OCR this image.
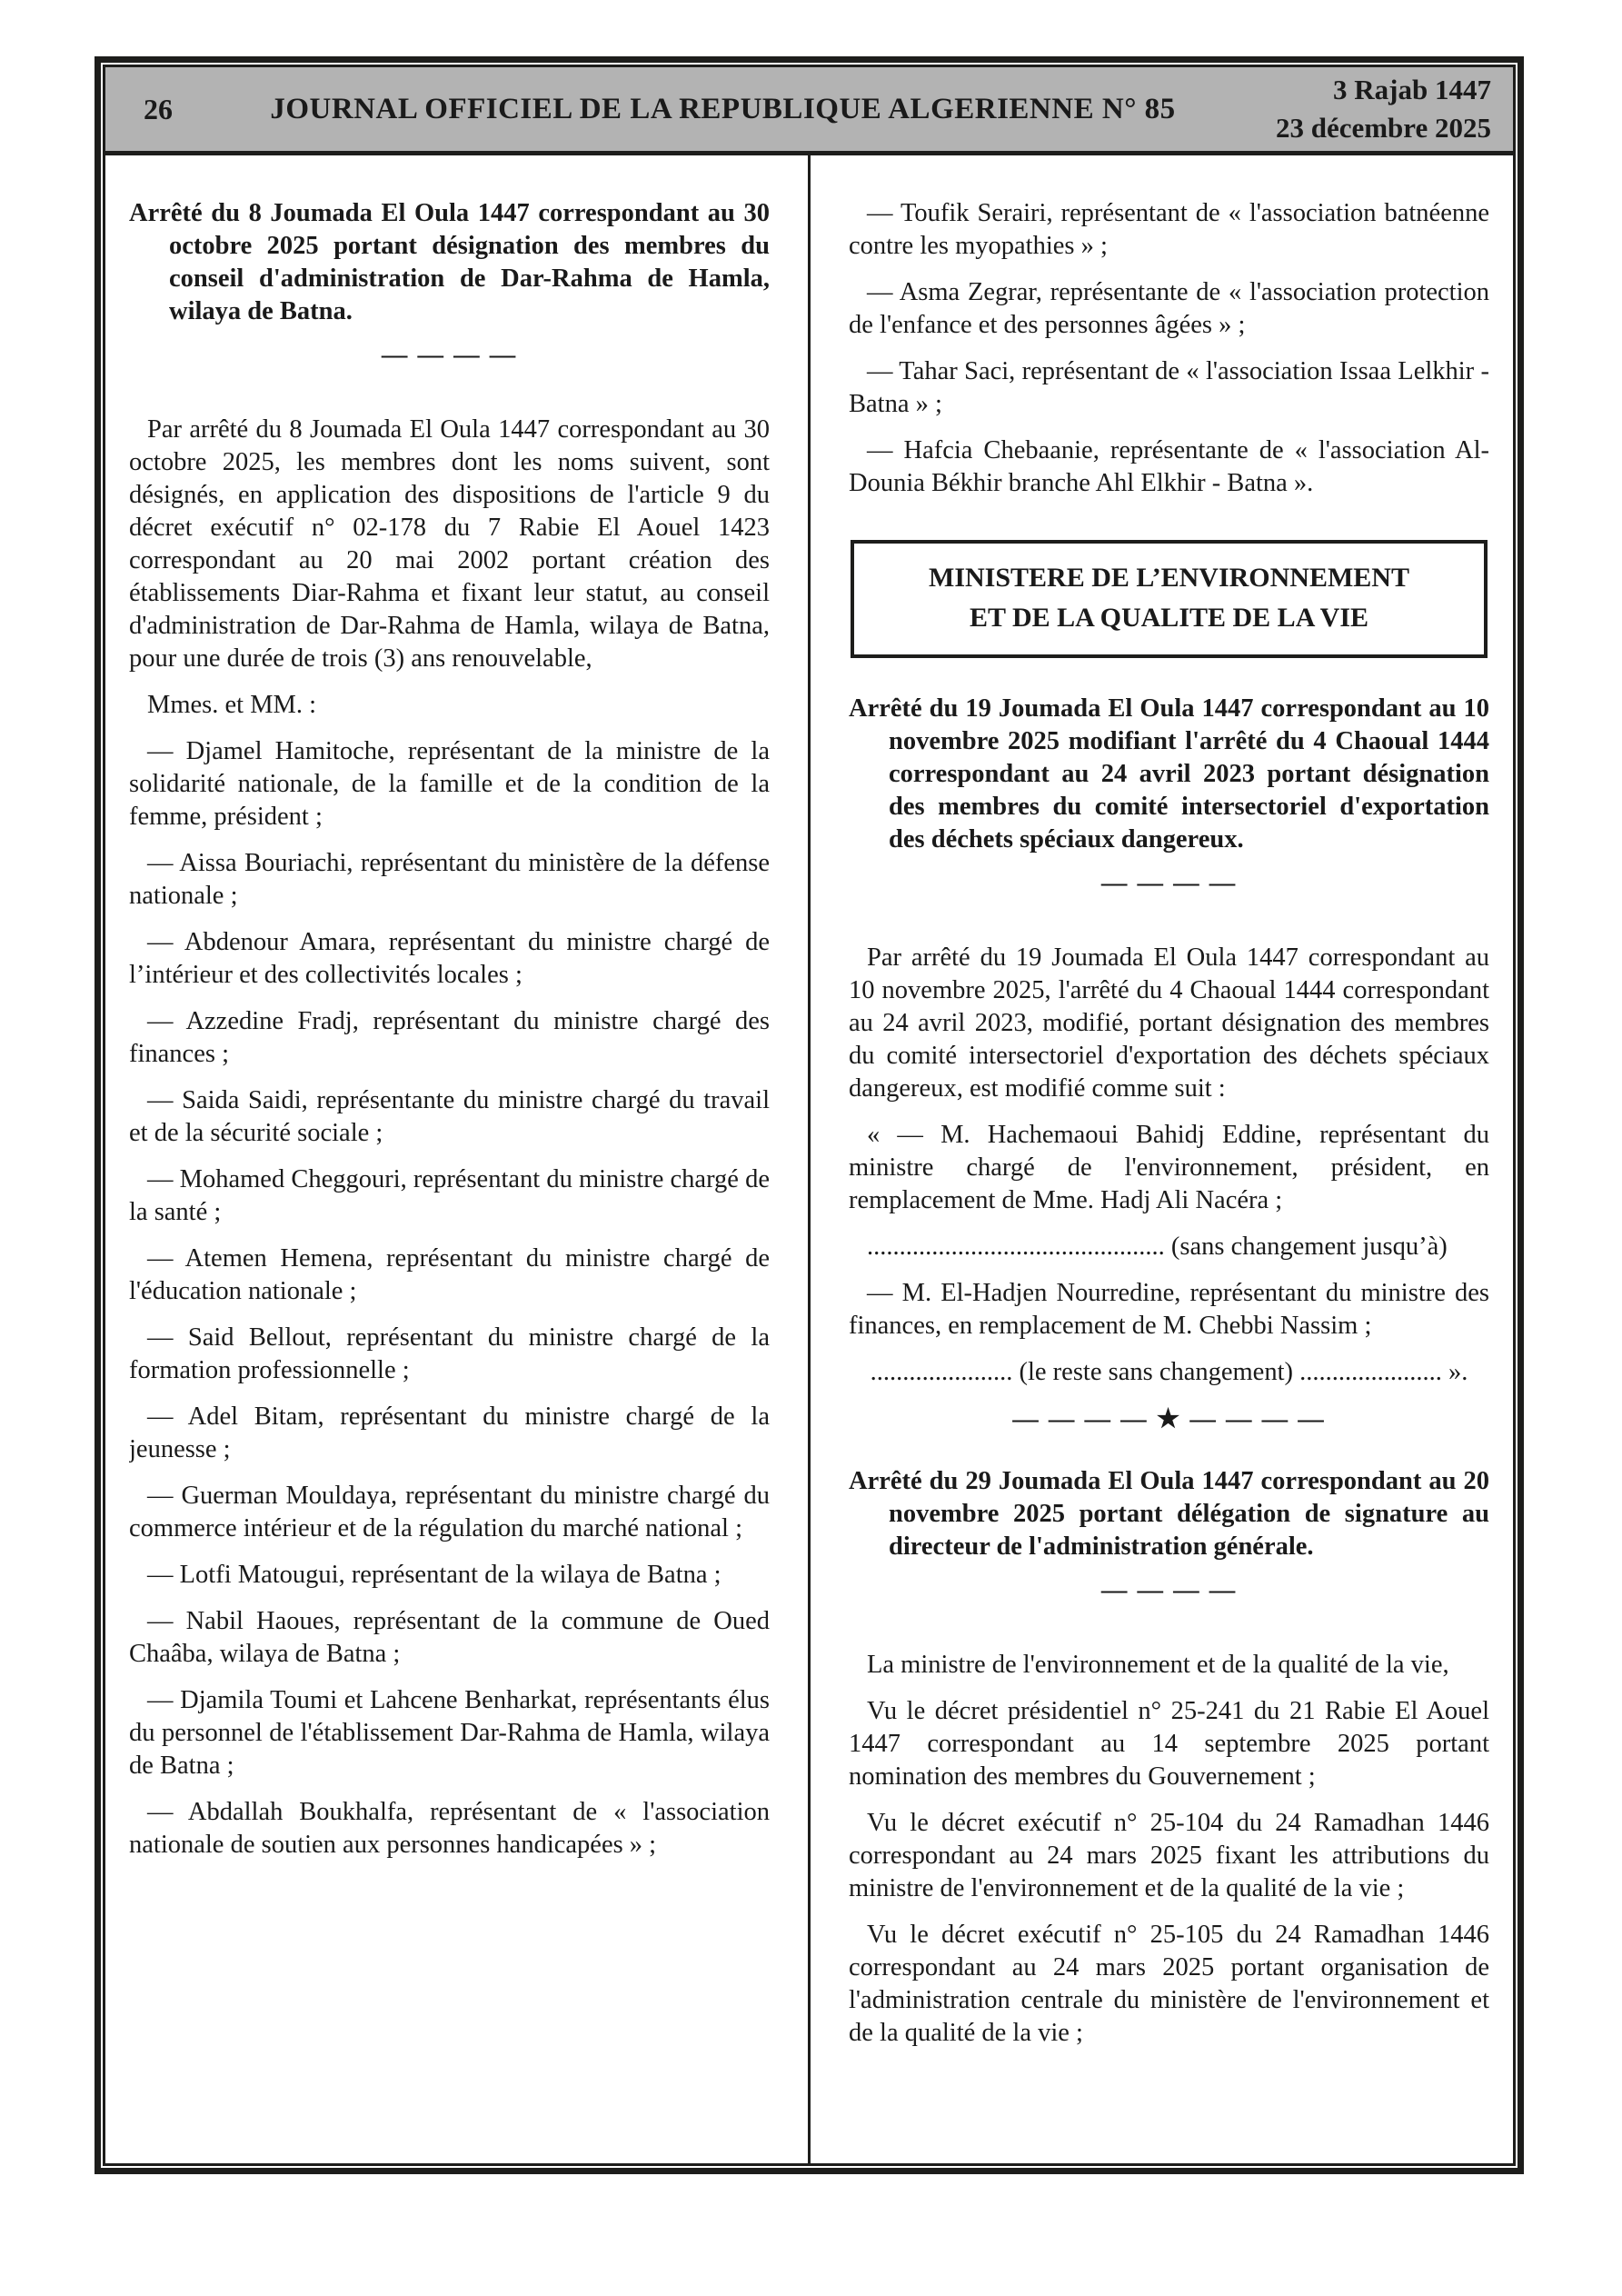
26	JOURNAL OFFICIEL DE LA REPUBLIQUE ALGERIENNE N° 85
3 Rajab 1447
23 décembre 2025

Arrêté du 8 Joumada El Oula 1447 correspondant au 30 octobre 2025 portant désignation des membres du conseil d'administration de Dar-Rahma de Hamla, wilaya de Batna.

— — — —

Par arrêté du 8 Joumada El Oula 1447 correspondant au 30 octobre 2025, les membres dont les noms suivent, sont désignés, en application des dispositions de l'article 9 du décret exécutif n° 02-178 du 7 Rabie El Aouel 1423 correspondant au 20 mai 2002 portant création des établissements Diar-Rahma et fixant leur statut, au conseil d'administration de Dar-Rahma de Hamla, wilaya de Batna, pour une durée de trois (3) ans renouvelable,

Mmes. et MM. :

— Djamel Hamitoche, représentant de la ministre de la solidarité nationale, de la famille et de la condition de la femme, président ;

— Aissa Bouriachi, représentant du ministère de la défense nationale ;

— Abdenour Amara, représentant du ministre chargé de l’intérieur et des collectivités locales ;

— Azzedine Fradj, représentant du ministre chargé des finances ;

— Saida Saidi, représentante du ministre chargé du travail et de la sécurité sociale ;

— Mohamed Cheggouri, représentant du ministre chargé de la santé ;

— Atemen Hemena, représentant du ministre chargé de l'éducation nationale ;

— Said Bellout, représentant du ministre chargé de la formation professionnelle ;

— Adel Bitam, représentant du ministre chargé de la jeunesse ;

— Guerman Mouldaya, représentant du ministre chargé du commerce intérieur et de la régulation du marché national ;

— Lotfi Matougui, représentant de la wilaya de Batna ;

— Nabil Haoues, représentant de la commune de Oued Chaâba, wilaya de Batna ;

— Djamila Toumi et Lahcene Benharkat, représentants élus du personnel de l'établissement Dar-Rahma de Hamla, wilaya de Batna ;

— Abdallah Boukhalfa, représentant de « l'association nationale de soutien aux personnes handicapées » ;

— Toufik Serairi, représentant de « l'association batnéenne contre les myopathies » ;

— Asma Zegrar, représentante de « l'association protection de l'enfance et des personnes âgées » ;

— Tahar Saci, représentant de « l'association Issaa Lelkhir - Batna » ;

— Hafcia Chebaanie, représentante de « l'association Al-Dounia Békhir branche Ahl Elkhir - Batna ».

MINISTERE DE L’ENVIRONNEMENT
ET DE LA QUALITE DE LA VIE

Arrêté du 19 Joumada El Oula 1447 correspondant au 10 novembre 2025 modifiant l'arrêté du 4 Chaoual 1444 correspondant au 24 avril 2023 portant désignation des membres du comité intersectoriel d'exportation des déchets spéciaux dangereux.

— — — —

Par arrêté du 19 Joumada El Oula 1447 correspondant au 10 novembre 2025, l'arrêté du 4 Chaoual 1444 correspondant au 24 avril 2023, modifié, portant désignation des membres du comité intersectoriel d'exportation des déchets spéciaux dangereux, est modifié comme suit :

« — M. Hachemaoui Bahidj Eddine, représentant du ministre chargé de l'environnement, président, en remplacement de Mme. Hadj Ali Nacéra ;

.............................................. (sans changement jusqu’à)

— M. El-Hadjen Nourredine, représentant du ministre des finances, en remplacement de M. Chebbi Nassim ;

...................... (le reste sans changement) ...................... ».

— — — — ★ — — — —

Arrêté du 29 Joumada El Oula 1447 correspondant au 20 novembre 2025 portant délégation de signature au directeur de l'administration générale.

— — — —

La ministre de l'environnement et de la qualité de la vie,

Vu le décret présidentiel n° 25-241 du 21 Rabie El Aouel 1447 correspondant au 14 septembre 2025 portant nomination des membres du Gouvernement ;

Vu le décret exécutif n° 25-104 du 24 Ramadhan 1446 correspondant au 24 mars 2025 fixant les attributions du ministre de l'environnement et de la qualité de la vie ;

Vu le décret exécutif n° 25-105 du 24 Ramadhan 1446 correspondant au 24 mars 2025 portant organisation de l'administration centrale du ministère de l'environnement et de la qualité de la vie ;
